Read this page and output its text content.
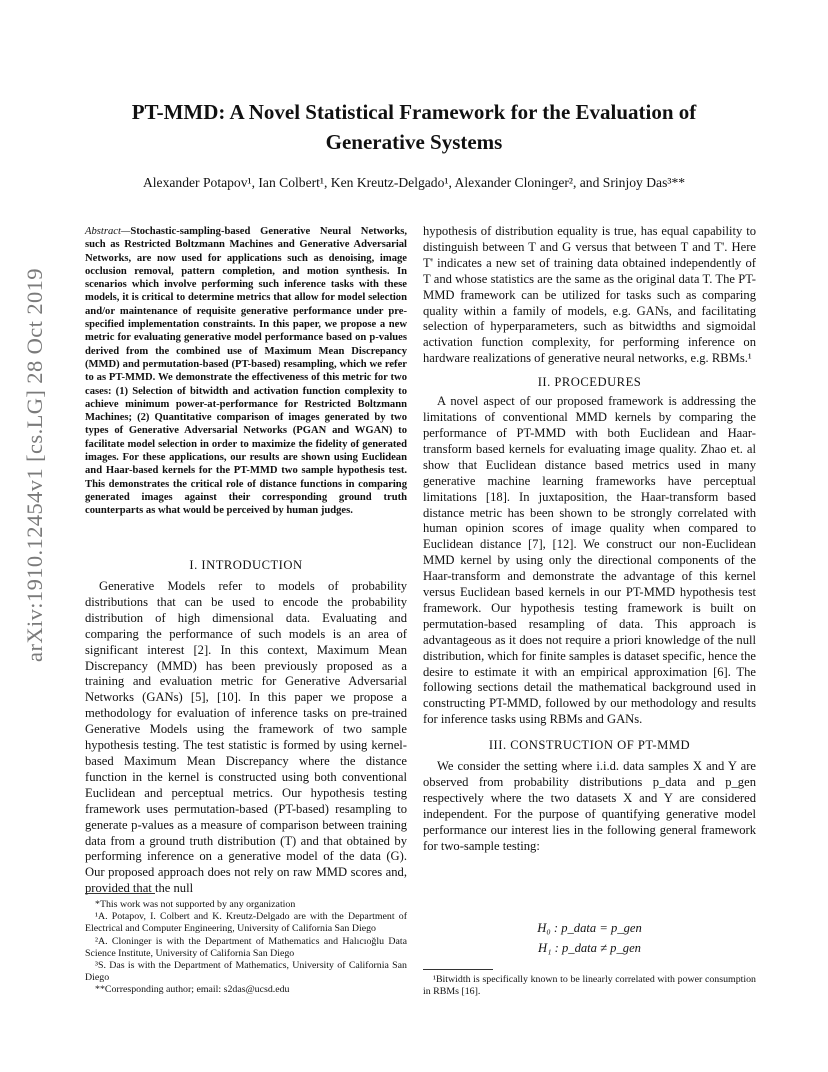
arXiv:1910.12454v1 [cs.LG] 28 Oct 2019
PT-MMD: A Novel Statistical Framework for the Evaluation of Generative Systems
Alexander Potapov¹, Ian Colbert¹, Ken Kreutz-Delgado¹, Alexander Cloninger², and Srinjoy Das³**
Abstract—Stochastic-sampling-based Generative Neural Networks, such as Restricted Boltzmann Machines and Generative Adversarial Networks, are now used for applications such as denoising, image occlusion removal, pattern completion, and motion synthesis. In scenarios which involve performing such inference tasks with these models, it is critical to determine metrics that allow for model selection and/or maintenance of requisite generative performance under pre-specified implementation constraints. In this paper, we propose a new metric for evaluating generative model performance based on p-values derived from the combined use of Maximum Mean Discrepancy (MMD) and permutation-based (PT-based) resampling, which we refer to as PT-MMD. We demonstrate the effectiveness of this metric for two cases: (1) Selection of bitwidth and activation function complexity to achieve minimum power-at-performance for Restricted Boltzmann Machines; (2) Quantitative comparison of images generated by two types of Generative Adversarial Networks (PGAN and WGAN) to facilitate model selection in order to maximize the fidelity of generated images. For these applications, our results are shown using Euclidean and Haar-based kernels for the PT-MMD two sample hypothesis test. This demonstrates the critical role of distance functions in comparing generated images against their corresponding ground truth counterparts as what would be perceived by human judges.
I. INTRODUCTION

Generative Models refer to models of probability distributions that can be used to encode the probability distribution of high dimensional data. Evaluating and comparing the performance of such models is an area of significant interest [2]. In this context, Maximum Mean Discrepancy (MMD) has been previously proposed as a training and evaluation metric for Generative Adversarial Networks (GANs) [5], [10]. In this paper we propose a methodology for evaluation of inference tasks on pre-trained Generative Models using the framework of two sample hypothesis testing. The test statistic is formed by using kernel-based Maximum Mean Discrepancy where the distance function in the kernel is constructed using both conventional Euclidean and perceptual metrics. Our hypothesis testing framework uses permutation-based (PT-based) resampling to generate p-values as a measure of comparison between training data from a ground truth distribution (T) and that obtained by performing inference on a generative model of the data (G). Our proposed approach does not rely on raw MMD scores and, provided that the null

*This work was not supported by any organization

¹A. Potapov, I. Colbert and K. Kreutz-Delgado are with the Department of Electrical and Computer Engineering, University of California San Diego

²A. Cloninger is with the Department of Mathematics and Halıcıoğlu Data Science Institute, University of California San Diego

³S. Das is with the Department of Mathematics, University of California San Diego

**Corresponding author; email: s2das@ucsd.edu

hypothesis of distribution equality is true, has equal capability to distinguish between T and G versus that between T and T'. Here T' indicates a new set of training data obtained independently of T and whose statistics are the same as the original data T. The PT-MMD framework can be utilized for tasks such as comparing quality within a family of models, e.g. GANs, and facilitating selection of hyperparameters, such as bitwidths and sigmoidal activation function complexity, for performing inference on hardware realizations of generative neural networks, e.g. RBMs.¹

II. PROCEDURES

A novel aspect of our proposed framework is addressing the limitations of conventional MMD kernels by comparing the performance of PT-MMD with both Euclidean and Haar-transform based kernels for evaluating image quality. Zhao et. al show that Euclidean distance based metrics used in many generative machine learning frameworks have perceptual limitations [18]. In juxtaposition, the Haar-transform based distance metric has been shown to be strongly correlated with human opinion scores of image quality when compared to Euclidean distance [7], [12]. We construct our non-Euclidean MMD kernel by using only the directional components of the Haar-transform and demonstrate the advantage of this kernel versus Euclidean based kernels in our PT-MMD hypothesis test framework. Our hypothesis testing framework is built on permutation-based resampling of data. This approach is advantageous as it does not require a priori knowledge of the null distribution, which for finite samples is dataset specific, hence the desire to estimate it with an empirical approximation [6]. The following sections detail the mathematical background used in constructing PT-MMD, followed by our methodology and results for inference tasks using RBMs and GANs.

III. CONSTRUCTION OF PT-MMD

We consider the setting where i.i.d. data samples X and Y are observed from probability distributions p_data and p_gen respectively where the two datasets X and Y are considered independent. For the purpose of quantifying generative model performance our interest lies in the following general framework for two-sample testing:

H₀ : p_data = p_gen
H₁ : p_data ≠ p_gen

¹Bitwidth is specifically known to be linearly correlated with power consumption in RBMs [16].
